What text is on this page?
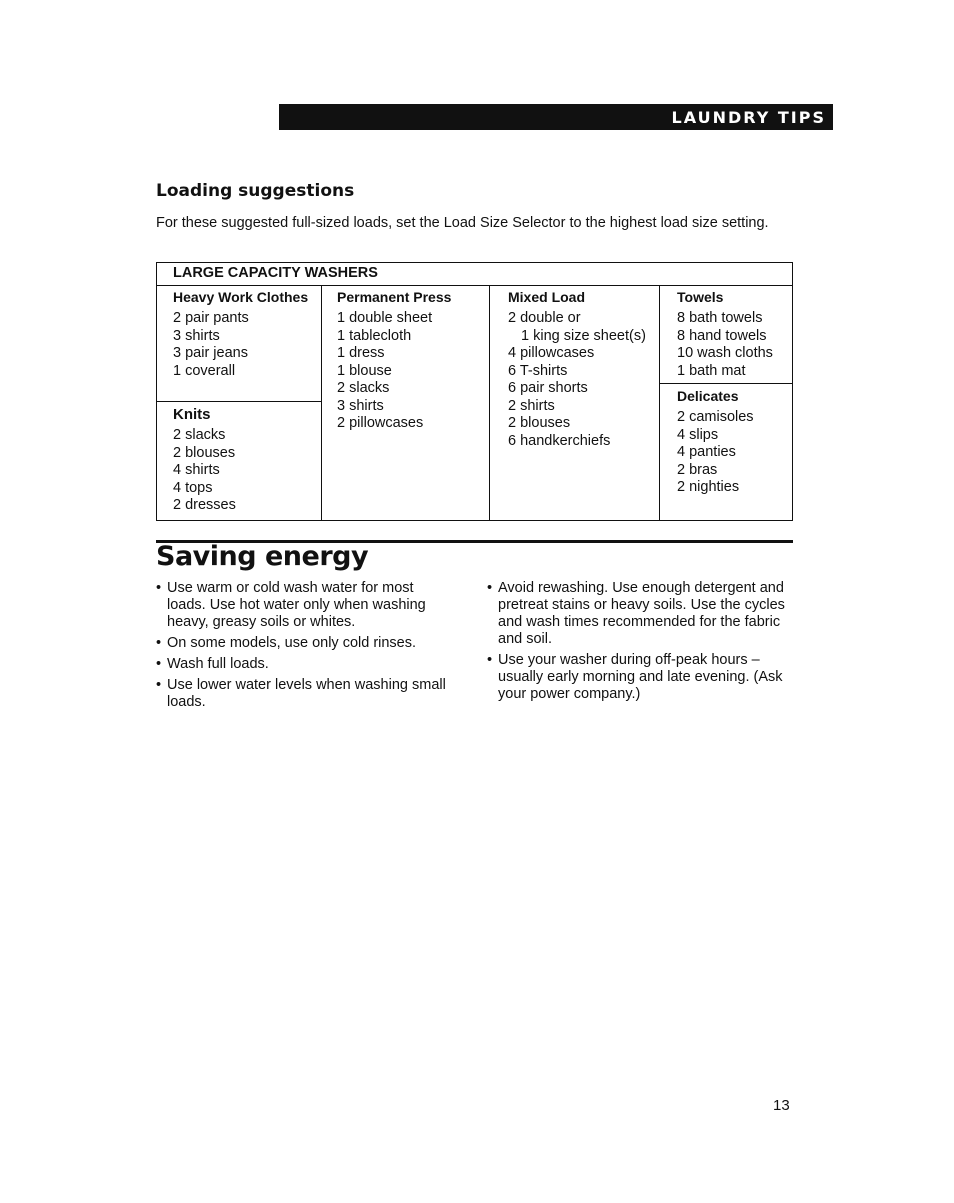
LAUNDRY TIPS
Loading suggestions

For these suggested full-sized loads, set the Load Size Selector to the highest load size setting.

LARGE CAPACITY WASHERS
Heavy Work Clothes
2 pair pants
3 shirts
3 pair jeans
1 coverall
Knits
2 slacks
2 blouses
4 shirts
4 tops
2 dresses
Permanent Press
1 double sheet
1 tablecloth
1 dress
1 blouse
2 slacks
3 shirts
2 pillowcases
Mixed Load
2 double or
1 king size sheet(s)
4 pillowcases
6 T-shirts
6 pair shorts
2 shirts
2 blouses
6 handkerchiefs
Towels
8 bath towels
8 hand towels
10 wash cloths
1 bath mat
Delicates
2 camisoles
4 slips
4 panties
2 bras
2 nighties
Saving energy
• Use warm or cold wash water for most loads. Use hot water only when washing heavy, greasy soils or whites.
• On some models, use only cold rinses.
• Wash full loads.
• Use lower water levels when washing small loads.
• Avoid rewashing. Use enough detergent and pretreat stains or heavy soils. Use the cycles and wash times recommended for the fabric and soil.
• Use your washer during off-peak hours – usually early morning and late evening. (Ask your power company.)
13
